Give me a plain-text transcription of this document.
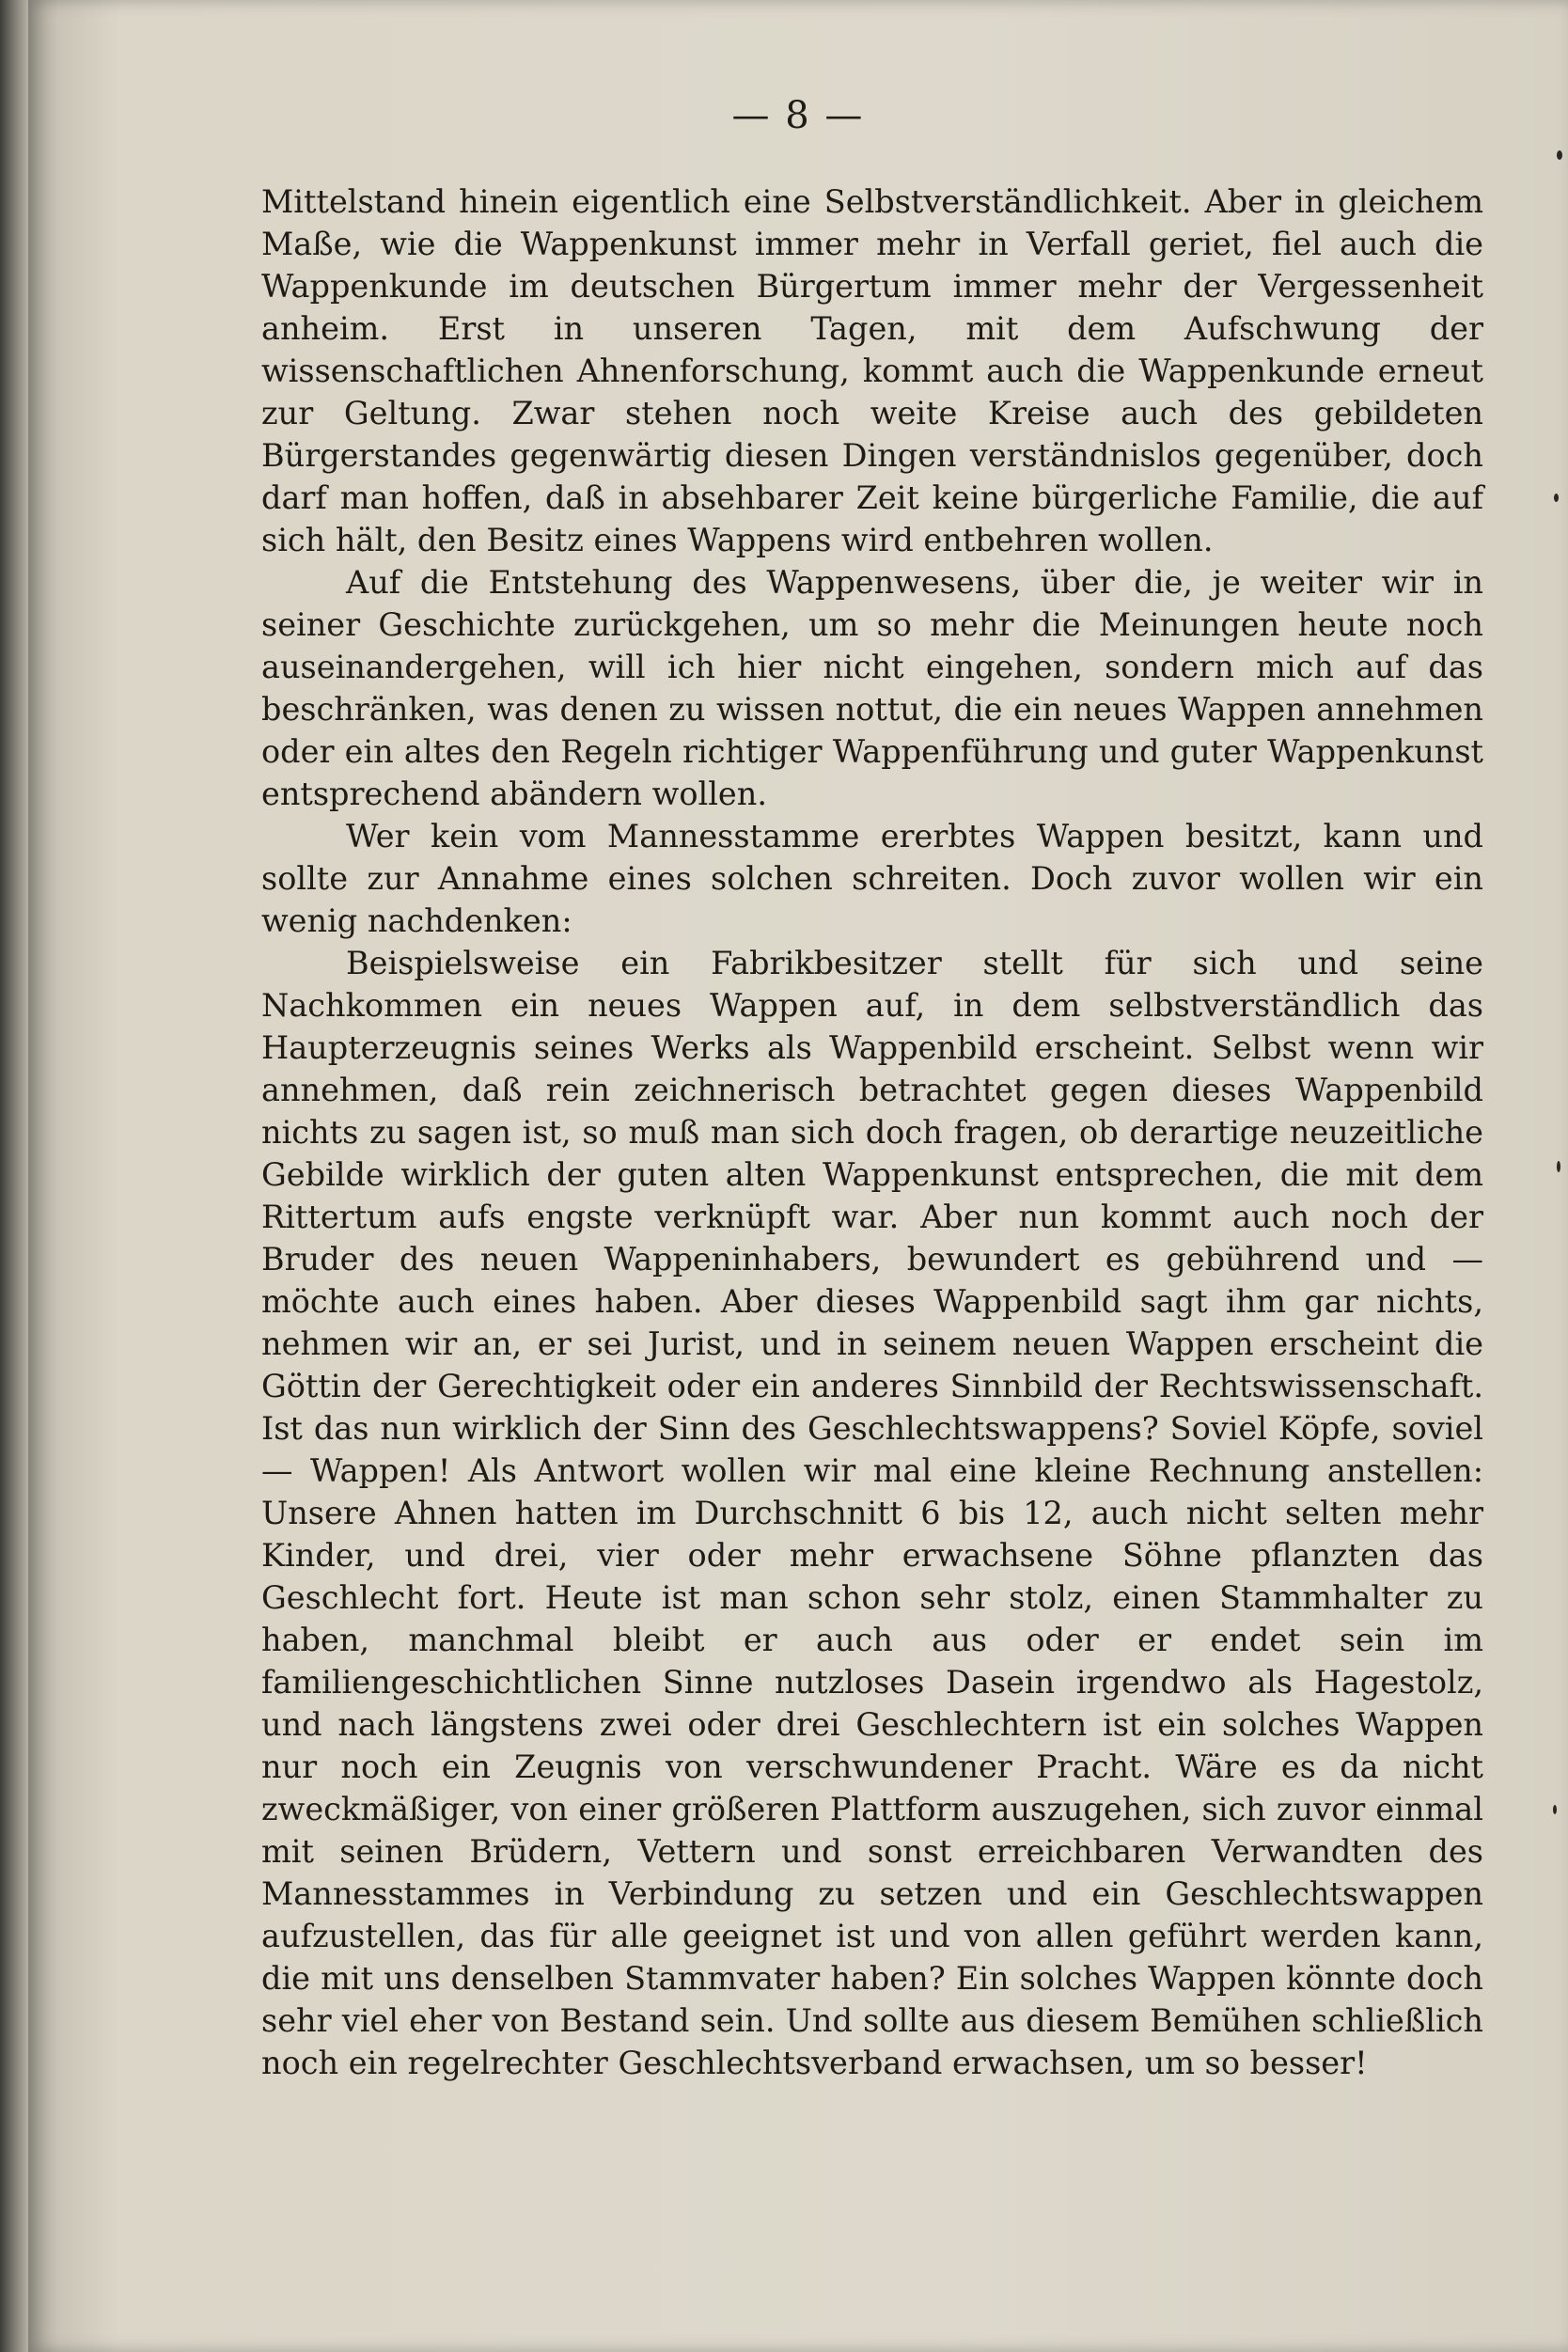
— 8 —

Mittelstand hinein eigentlich eine Selbstverständlichkeit. Aber in gleichem Maße, wie die Wappenkunst immer mehr in Verfall geriet, fiel auch die Wappenkunde im deutschen Bürgertum immer mehr der Vergessenheit anheim. Erst in unseren Tagen, mit dem Aufschwung der wissenschaftlichen Ahnenforschung, kommt auch die Wappenkunde erneut zur Geltung. Zwar stehen noch weite Kreise auch des gebildeten Bürgerstandes gegenwärtig diesen Dingen verständnislos gegenüber, doch darf man hoffen, daß in absehbarer Zeit keine bürgerliche Familie, die auf sich hält, den Besitz eines Wappens wird entbehren wollen.

Auf die Entstehung des Wappenwesens, über die, je weiter wir in seiner Geschichte zurückgehen, um so mehr die Meinungen heute noch auseinandergehen, will ich hier nicht eingehen, sondern mich auf das beschränken, was denen zu wissen nottut, die ein neues Wappen annehmen oder ein altes den Regeln richtiger Wappenführung und guter Wappenkunst entsprechend abändern wollen.

Wer kein vom Mannesstamme ererbtes Wappen besitzt, kann und sollte zur Annahme eines solchen schreiten. Doch zuvor wollen wir ein wenig nachdenken:

Beispielsweise ein Fabrikbesitzer stellt für sich und seine Nachkommen ein neues Wappen auf, in dem selbstverständlich das Haupterzeugnis seines Werks als Wappenbild erscheint. Selbst wenn wir annehmen, daß rein zeichnerisch betrachtet gegen dieses Wappenbild nichts zu sagen ist, so muß man sich doch fragen, ob derartige neuzeitliche Gebilde wirklich der guten alten Wappenkunst entsprechen, die mit dem Rittertum aufs engste verknüpft war. Aber nun kommt auch noch der Bruder des neuen Wappeninhabers, bewundert es gebührend und — möchte auch eines haben. Aber dieses Wappenbild sagt ihm gar nichts, nehmen wir an, er sei Jurist, und in seinem neuen Wappen erscheint die Göttin der Gerechtigkeit oder ein anderes Sinnbild der Rechtswissenschaft. Ist das nun wirklich der Sinn des Geschlechtswappens? Soviel Köpfe, soviel — Wappen! Als Antwort wollen wir mal eine kleine Rechnung anstellen: Unsere Ahnen hatten im Durchschnitt 6 bis 12, auch nicht selten mehr Kinder, und drei, vier oder mehr erwachsene Söhne pflanzten das Geschlecht fort. Heute ist man schon sehr stolz, einen Stammhalter zu haben, manchmal bleibt er auch aus oder er endet sein im familiengeschichtlichen Sinne nutzloses Dasein irgendwo als Hagestolz, und nach längstens zwei oder drei Geschlechtern ist ein solches Wappen nur noch ein Zeugnis von verschwundener Pracht. Wäre es da nicht zweckmäßiger, von einer größeren Plattform auszugehen, sich zuvor einmal mit seinen Brüdern, Vettern und sonst erreichbaren Verwandten des Mannesstammes in Verbindung zu setzen und ein Geschlechtswappen aufzustellen, das für alle geeignet ist und von allen geführt werden kann, die mit uns denselben Stammvater haben? Ein solches Wappen könnte doch sehr viel eher von Bestand sein. Und sollte aus diesem Bemühen schließlich noch ein regelrechter Geschlechtsverband erwachsen, um so besser!
